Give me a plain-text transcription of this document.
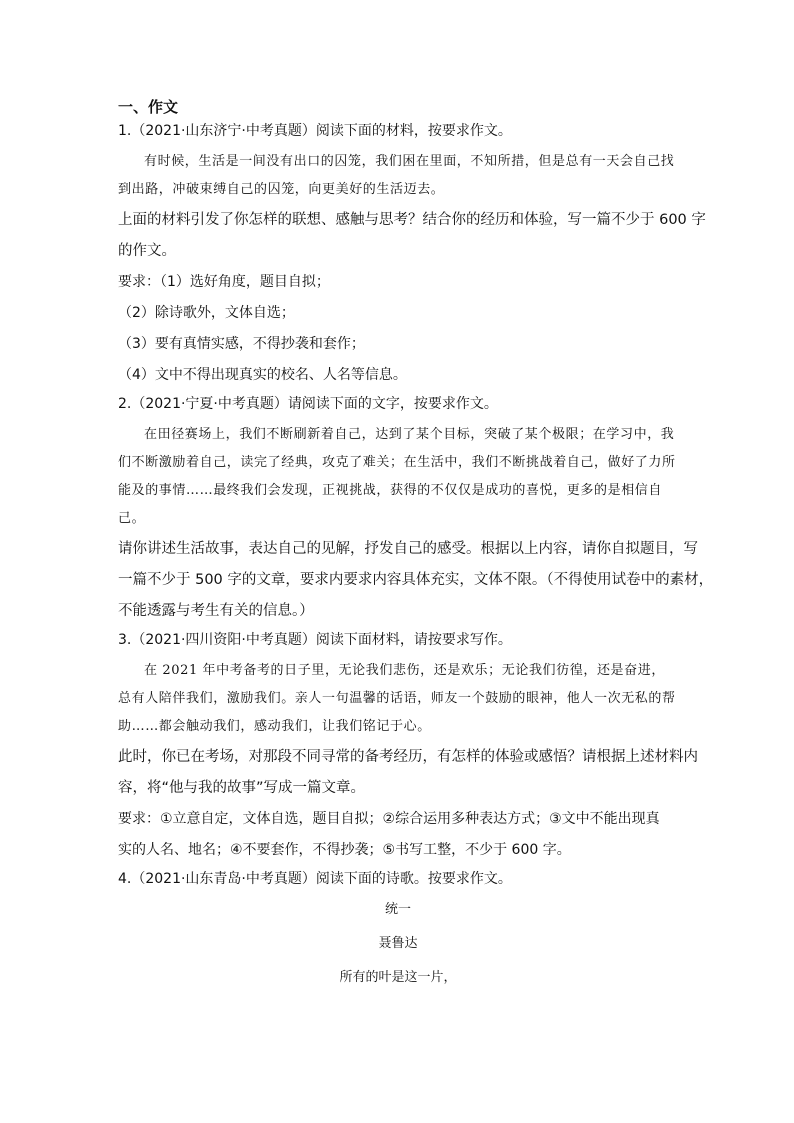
一、作文
1.（2021·山东济宁·中考真题）阅读下面的材料，按要求作文。
有时候，生活是一间没有出口的囚笼，我们困在里面，不知所措，但是总有一天会自己找到出路，冲破束缚自己的囚笼，向更美好的生活迈去。
上面的材料引发了你怎样的联想、感触与思考？结合你的经历和体验，写一篇不少于 600 字
的作文。
要求：（1）选好角度，题目自拟；
（2）除诗歌外，文体自选；
（3）要有真情实感，不得抄袭和套作；
（4）文中不得出现真实的校名、人名等信息。
2.（2021·宁夏·中考真题）请阅读下面的文字，按要求作文。
在田径赛场上，我们不断刷新着自己，达到了某个目标，突破了某个极限；在学习中，我们不断激励着自己，读完了经典，攻克了难关；在生活中，我们不断挑战着自己，做好了力所能及的事情……最终我们会发现，正视挑战，获得的不仅仅是成功的喜悦，更多的是相信自己。
请你讲述生活故事，表达自己的见解，抒发自己的感受。根据以上内容，请你自拟题目，写
一篇不少于 500 字的文章，要求内要求内容具体充实，文体不限。（不得使用试卷中的素材，
不能透露与考生有关的信息。）
3.（2021·四川资阳·中考真题）阅读下面材料，请按要求写作。
在 2021 年中考备考的日子里，无论我们悲伤，还是欢乐；无论我们彷徨，还是奋进，总有人陪伴我们，激励我们。亲人一句温馨的话语，师友一个鼓励的眼神，他人一次无私的帮助……都会触动我们，感动我们，让我们铭记于心。
此时，你已在考场，对那段不同寻常的备考经历，有怎样的体验或感悟？请根据上述材料内
容，将“他与我的故事”写成一篇文章。
要求：①立意自定，文体自选，题目自拟；②综合运用多种表达方式；③文中不能出现真
实的人名、地名；④不要套作，不得抄袭；⑤书写工整，不少于 600 字。
4.（2021·山东青岛·中考真题）阅读下面的诗歌。按要求作文。
统一
聂鲁达
所有的叶是这一片，
